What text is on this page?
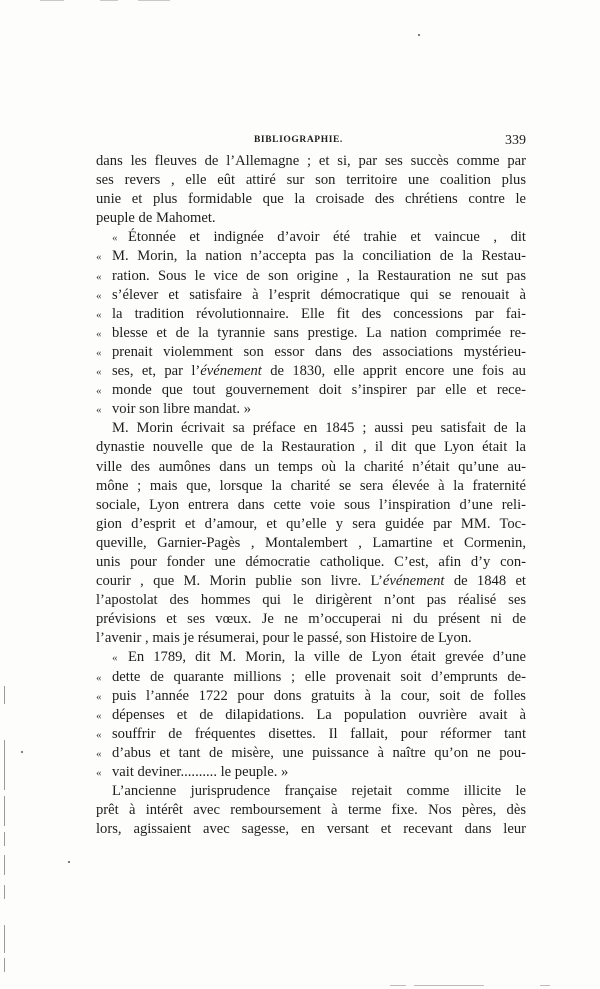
BIBLIOGRAPHIE.	339
dans les fleuves de l’Allemagne ; et si, par ses succès comme par
ses revers , elle eût attiré sur son territoire une coalition plus
unie et plus formidable que la croisade des chrétiens contre le
peuple de Mahomet.
« Étonnée et indignée d’avoir été trahie et vaincue , dit
« M. Morin, la nation n’accepta pas la conciliation de la Restau-
« ration. Sous le vice de son origine , la Restauration ne sut pas
« s’élever et satisfaire à l’esprit démocratique qui se renouait à
« la tradition révolutionnaire. Elle fit des concessions par fai-
« blesse et de la tyrannie sans prestige. La nation comprimée re-
« prenait violemment son essor dans des associations mystérieu-
« ses, et, par l’événement de 1830, elle apprit encore une fois au
« monde que tout gouvernement doit s’inspirer par elle et rece-
« voir son libre mandat. »
M. Morin écrivait sa préface en 1845 ; aussi peu satisfait de la
dynastie nouvelle que de la Restauration , il dit que Lyon était la
ville des aumônes dans un temps où la charité n’était qu’une au-
mône ; mais que, lorsque la charité se sera élevée à la fraternité
sociale, Lyon entrera dans cette voie sous l’inspiration d’une reli-
gion d’esprit et d’amour, et qu’elle y sera guidée par MM. Toc-
queville, Garnier-Pagès , Montalembert , Lamartine et Cormenin,
unis pour fonder une démocratie catholique. C’est, afin d’y con-
courir , que M. Morin publie son livre. L’événement de 1848 et
l’apostolat des hommes qui le dirigèrent n’ont pas réalisé ses
prévisions et ses vœux. Je ne m’occuperai ni du présent ni de
l’avenir , mais je résumerai, pour le passé, son Histoire de Lyon.
« En 1789, dit M. Morin, la ville de Lyon était grevée d’une
« dette de quarante millions ; elle provenait soit d’emprunts de-
« puis l’année 1722 pour dons gratuits à la cour, soit de folles
« dépenses et de dilapidations. La population ouvrière avait à
« souffrir de fréquentes disettes. Il fallait, pour réformer tant
« d’abus et tant de misère, une puissance à naître qu’on ne pou-
« vait deviner.......... le peuple. »
L’ancienne jurisprudence française rejetait comme illicite le
prêt à intérêt avec remboursement à terme fixe. Nos pères, dès
lors, agissaient avec sagesse, en versant et recevant dans leur
